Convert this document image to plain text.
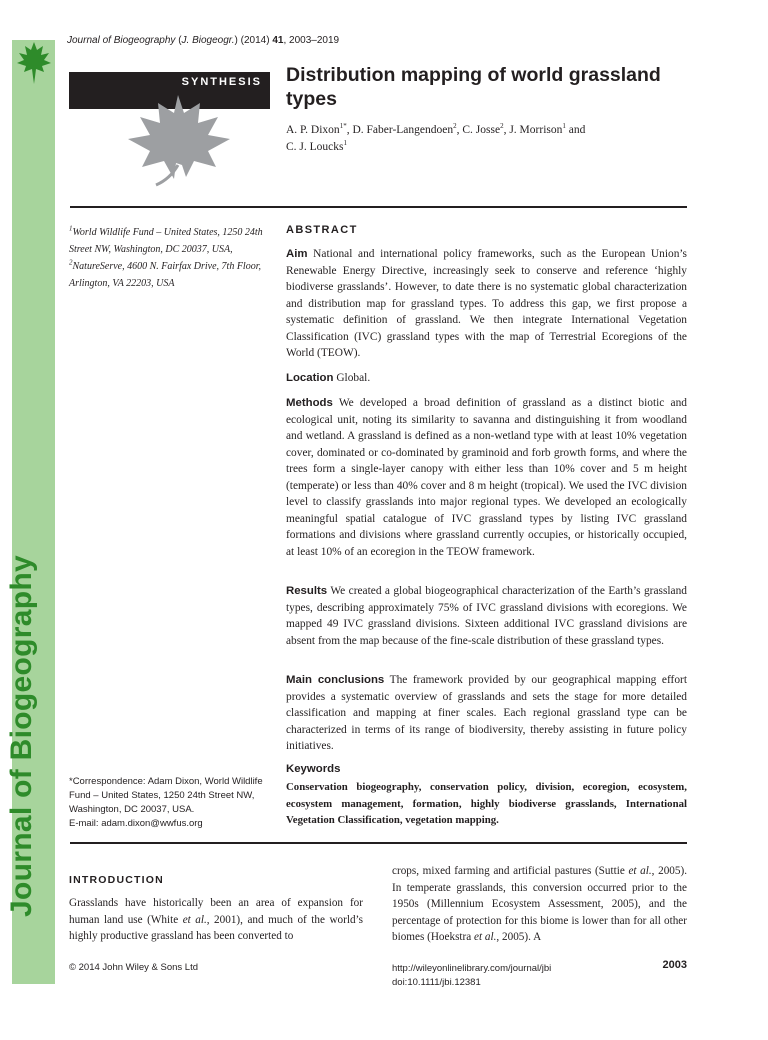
Journal of Biogeography
Journal of Biogeography (J. Biogeogr.) (2014) 41, 2003–2019
SYNTHESIS Distribution mapping of world grassland types
A. P. Dixon$^{1*}$, D. Faber-Langendoen$^2$, C. Josse$^2$, J. Morrison$^1$ and
C. J. Loucks$^1$
$^1$World Wildlife Fund – United States, 1250 24th Street NW, Washington, DC 20037, USA, $^2$NatureServe, 4600 N. Fairfax Drive, 7th Floor, Arlington, VA 22203, USA
ABSTRACT
Aim National and international policy frameworks, such as the European Union’s Renewable Energy Directive, increasingly seek to conserve and reference ‘highly biodiverse grasslands’. However, to date there is no systematic global characterization and distribution map for grassland types. To address this gap, we first propose a systematic definition of grassland. We then integrate International Vegetation Classification (IVC) grassland types with the map of Terrestrial Ecoregions of the World (TEOW).
Location Global.
Methods We developed a broad definition of grassland as a distinct biotic and ecological unit, noting its similarity to savanna and distinguishing it from woodland and wetland. A grassland is defined as a non-wetland type with at least 10% vegetation cover, dominated or co-dominated by graminoid and forb growth forms, and where the trees form a single-layer canopy with either less than 10% cover and 5 m height (temperate) or less than 40% cover and 8 m height (tropical). We used the IVC division level to classify grasslands into major regional types. We developed an ecologically meaningful spatial catalogue of IVC grassland types by listing IVC grassland formations and divisions where grassland currently occupies, or historically occupied, at least 10% of an ecoregion in the TEOW framework.
Results We created a global biogeographical characterization of the Earth’s grassland types, describing approximately 75% of IVC grassland divisions with ecoregions. We mapped 49 IVC grassland divisions. Sixteen additional IVC grassland divisions are absent from the map because of the fine-scale distribution of these grassland types.
Main conclusions The framework provided by our geographical mapping effort provides a systematic overview of grasslands and sets the stage for more detailed classification and mapping at finer scales. Each regional grassland type can be characterized in terms of its range of biodiversity, thereby assisting in future policy initiatives.
Keywords
Conservation biogeography, conservation policy, division, ecoregion, ecosystem, ecosystem management, formation, highly biodiverse grasslands, International Vegetation Classification, vegetation mapping.
*Correspondence: Adam Dixon, World Wildlife Fund – United States, 1250 24th Street NW, Washington, DC 20037, USA.
E-mail: adam.dixon@wwfus.org
INTRODUCTION
Grasslands have historically been an area of expansion for human land use (White et al., 2001), and much of the world’s highly productive grassland has been converted to
crops, mixed farming and artificial pastures (Suttie et al., 2005). In temperate grasslands, this conversion occurred prior to the 1950s (Millennium Ecosystem Assessment, 2005), and the percentage of protection for this biome is lower than for all other biomes (Hoekstra et al., 2005). A
© 2014 John Wiley & Sons Ltd	http://wileyonlinelibrary.com/journal/jbi
doi:10.1111/jbi.12381
2003
